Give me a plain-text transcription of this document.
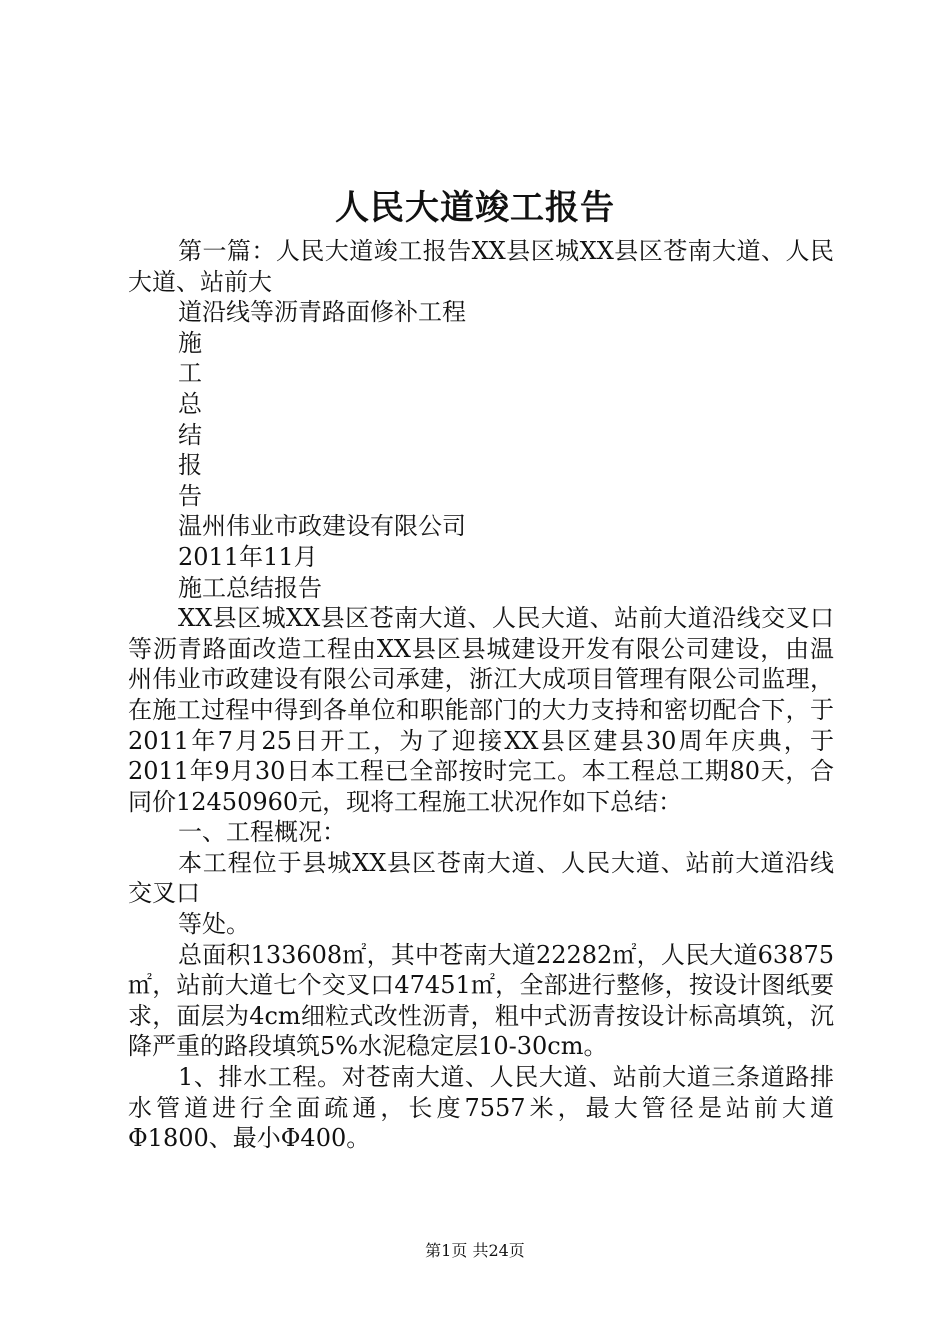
人民大道竣工报告

第一篇：人民大道竣工报告XX县区城XX县区苍南大道、人民大道、站前大

道沿线等沥青路面修补工程

施

工

总

结

报

告

温州伟业市政建设有限公司

2011年11月

施工总结报告

XX县区城XX县区苍南大道、人民大道、站前大道沿线交叉口等沥青路面改造工程由XX县区县城建设开发有限公司建设，由温州伟业市政建设有限公司承建，浙江大成项目管理有限公司监理，在施工过程中得到各单位和职能部门的大力支持和密切配合下，于2011年7月25日开工，为了迎接XX县区建县30周年庆典，于2011年9月30日本工程已全部按时完工。本工程总工期80天，合同价12450960元，现将工程施工状况作如下总结：

一、工程概况：

本工程位于县城XX县区苍南大道、人民大道、站前大道沿线交叉口

等处。

总面积133608㎡，其中苍南大道22282㎡，人民大道63875㎡，站前大道七个交叉口47451㎡，全部进行整修，按设计图纸要求，面层为4cm细粒式改性沥青，粗中式沥青按设计标高填筑，沉降严重的路段填筑5%水泥稳定层10-30cm。

1、排水工程。对苍南大道、人民大道、站前大道三条道路排水管道进行全面疏通，长度7557米，最大管径是站前大道Φ1800、最小Φ400。

第1页 共24页
